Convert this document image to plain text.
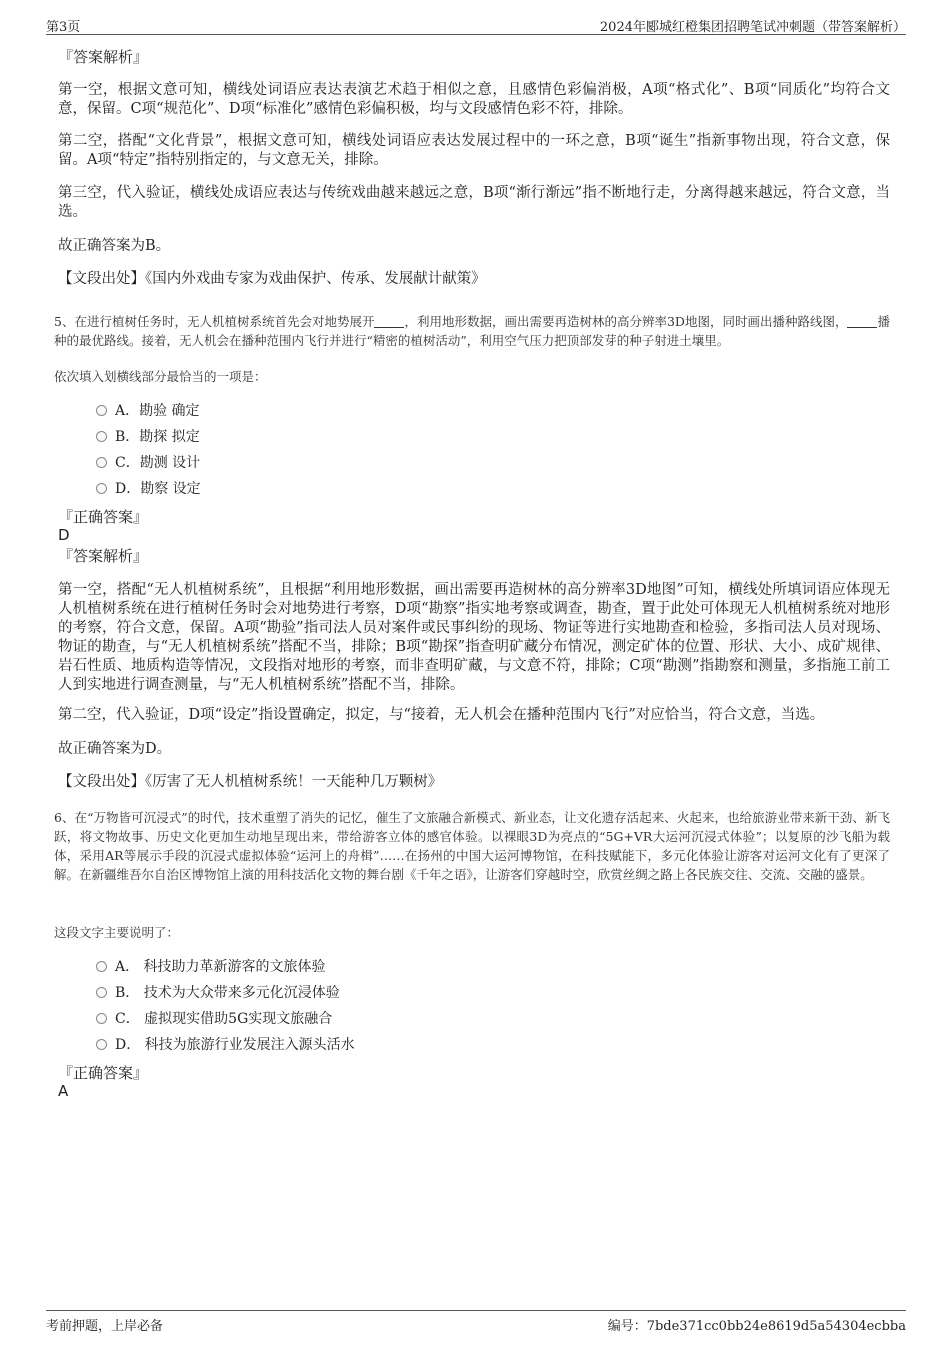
第3页	2024年郾城红橙集团招聘笔试冲刺题（带答案解析）
『答案解析』
第一空，根据文意可知，横线处词语应表达表演艺术趋于相似之意，且感情色彩偏消极，A项“格式化”、B项“同质化”均符合文意，保留。C项“规范化”、D项“标准化”感情色彩偏积极，均与文段感情色彩不符，排除。
第二空，搭配“文化背景”，根据文意可知，横线处词语应表达发展过程中的一环之意，B项“诞生”指新事物出现，符合文意，保留。A项“特定”指特别指定的，与文意无关，排除。
第三空，代入验证，横线处成语应表达与传统戏曲越来越远之意，B项“渐行渐远”指不断地行走，分离得越来越远，符合文意，当选。
故正确答案为B。
【文段出处】《国内外戏曲专家为戏曲保护、传承、发展献计献策》
5、在进行植树任务时，无人机植树系统首先会对地势展开 ，利用地形数据，画出需要再造树林的高分辨率3D地图，同时画出播种路线图， 播种的最优路线。接着，无人机会在播种范围内飞行并进行“精密的植树活动”，利用空气压力把顶部发芽的种子射进土壤里。
依次填入划横线部分最恰当的一项是：
A．勘验 确定
B．勘探 拟定
C．勘测 设计
D．勘察 设定
『正确答案』
D
『答案解析』
第一空，搭配“无人机植树系统”，且根据“利用地形数据，画出需要再造树林的高分辨率3D地图”可知，横线处所填词语应体现无人机植树系统在进行植树任务时会对地势进行考察，D项“勘察”指实地考察或调查，勘查，置于此处可体现无人机植树系统对地形的考察，符合文意，保留。A项“勘验”指司法人员对案件或民事纠纷的现场、物证等进行实地勘查和检验，多指司法人员对现场、物证的勘查，与“无人机植树系统”搭配不当，排除；B项“勘探”指查明矿藏分布情况，测定矿体的位置、形状、大小、成矿规律、岩石性质、地质构造等情况，文段指对地形的考察，而非查明矿藏，与文意不符，排除；C项“勘测”指勘察和测量，多指施工前工人到实地进行调查测量，与“无人机植树系统”搭配不当，排除。
第二空，代入验证，D项“设定”指设置确定，拟定，与“接着，无人机会在播种范围内飞行”对应恰当，符合文意，当选。
故正确答案为D。
【文段出处】《厉害了无人机植树系统！一天能种几万颗树》
6、在“万物皆可沉浸式”的时代，技术重塑了消失的记忆，催生了文旅融合新模式、新业态，让文化遗存活起来、火起来，也给旅游业带来新干劲、新飞跃，将文物故事、历史文化更加生动地呈现出来，带给游客立体的感官体验。以裸眼3D为亮点的“5G+VR大运河沉浸式体验”；以复原的沙飞船为载体，采用AR等展示手段的沉浸式虚拟体验“运河上的舟楫”……在扬州的中国大运河博物馆，在科技赋能下，多元化体验让游客对运河文化有了更深了解。在新疆维吾尔自治区博物馆上演的用科技活化文物的舞台剧《千年之语》，让游客们穿越时空，欣赏丝绸之路上各民族交往、交流、交融的盛景。
这段文字主要说明了：
A． 科技助力革新游客的文旅体验
B． 技术为大众带来多元化沉浸体验
C． 虚拟现实借助5G实现文旅融合
D． 科技为旅游行业发展注入源头活水
『正确答案』
A
考前押题，上岸必备	编号：7bde371cc0bb24e8619d5a54304ecbba
